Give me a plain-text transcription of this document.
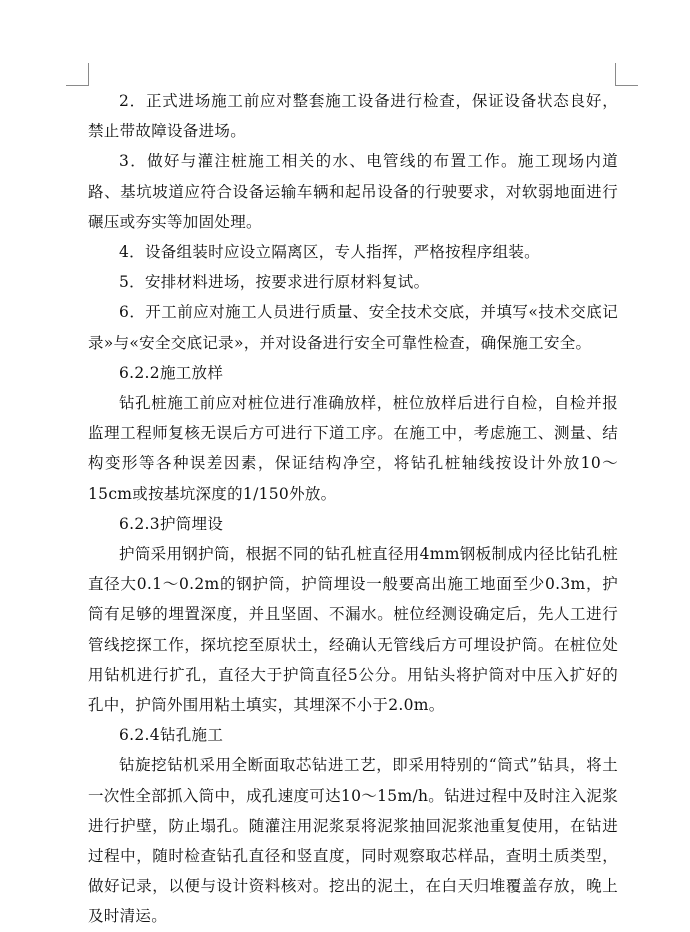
2．正式进场施工前应对整套施工设备进行检查，保证设备状态良好，禁止带故障设备进场。

3．做好与灌注桩施工相关的水、电管线的布置工作。施工现场内道路、基坑坡道应符合设备运输车辆和起吊设备的行驶要求，对软弱地面进行碾压或夯实等加固处理。

4．设备组装时应设立隔离区，专人指挥，严格按程序组装。

5．安排材料进场，按要求进行原材料复试。

6．开工前应对施工人员进行质量、安全技术交底，并填写«技术交底记录»与«安全交底记录»，并对设备进行安全可靠性检查，确保施工安全。

6.2.2施工放样

钻孔桩施工前应对桩位进行准确放样，桩位放样后进行自检，自检并报监理工程师复核无误后方可进行下道工序。在施工中，考虑施工、测量、结构变形等各种误差因素，保证结构净空，将钻孔桩轴线按设计外放10～15cm或按基坑深度的1/150外放。

6.2.3护筒埋设

护筒采用钢护筒，根据不同的钻孔桩直径用4mm钢板制成内径比钻孔桩直径大0.1～0.2m的钢护筒，护筒埋设一般要高出施工地面至少0.3m，护筒有足够的埋置深度，并且坚固、不漏水。桩位经测设确定后，先人工进行管线挖探工作，探坑挖至原状土，经确认无管线后方可埋设护筒。在桩位处用钻机进行扩孔，直径大于护筒直径5公分。用钻头将护筒对中压入扩好的孔中，护筒外围用粘土填实，其埋深不小于2.0m。

6.2.4钻孔施工

钻旋挖钻机采用全断面取芯钻进工艺，即采用特别的“筒式”钻具，将土一次性全部抓入筒中，成孔速度可达10～15m/h。钻进过程中及时注入泥浆进行护壁，防止塌孔。随灌注用泥浆泵将泥浆抽回泥浆池重复使用，在钻进过程中，随时检查钻孔直径和竖直度，同时观察取芯样品，查明土质类型，做好记录，以便与设计资料核对。挖出的泥土，在白天归堆覆盖存放，晚上及时清运。
